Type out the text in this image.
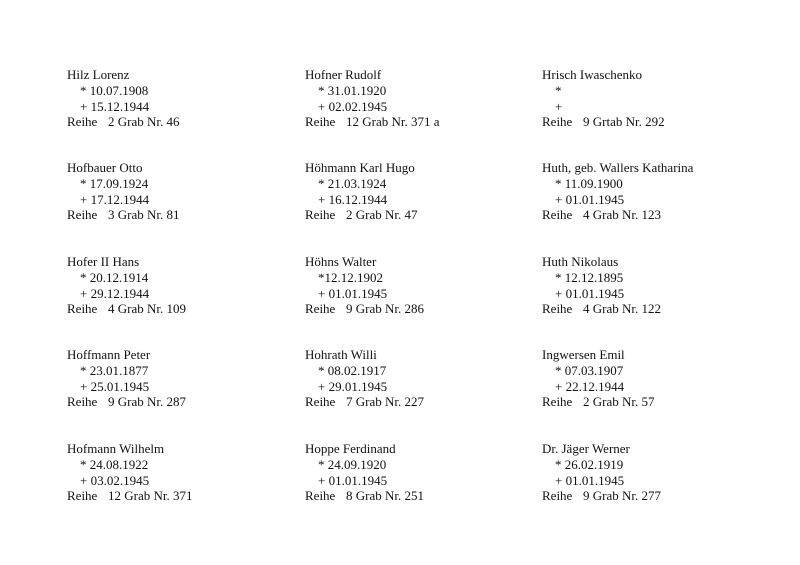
Hilz Lorenz
* 10.07.1908
+ 15.12.1944
Reihe 2 Grab Nr. 46
Hofner Rudolf
* 31.01.1920
+ 02.02.1945
Reihe 12 Grab Nr. 371 a
Hrisch Iwaschenko
*
+
Reihe 9 Grtab Nr. 292
Hofbauer Otto
* 17.09.1924
+ 17.12.1944
Reihe 3 Grab Nr. 81
Höhmann Karl Hugo
* 21.03.1924
+ 16.12.1944
Reihe 2 Grab Nr. 47
Huth, geb. Wallers Katharina
* 11.09.1900
+ 01.01.1945
Reihe 4 Grab Nr. 123
Hofer II Hans
* 20.12.1914
+ 29.12.1944
Reihe 4 Grab Nr. 109
Höhns Walter
*12.12.1902
+ 01.01.1945
Reihe 9 Grab Nr. 286
Huth Nikolaus
* 12.12.1895
+ 01.01.1945
Reihe 4 Grab Nr. 122
Hoffmann Peter
* 23.01.1877
+ 25.01.1945
Reihe 9 Grab Nr. 287
Hohrath Willi
* 08.02.1917
+ 29.01.1945
Reihe 7 Grab Nr. 227
Ingwersen Emil
* 07.03.1907
+ 22.12.1944
Reihe 2 Grab Nr. 57
Hofmann Wilhelm
* 24.08.1922
+ 03.02.1945
Reihe 12 Grab Nr. 371
Hoppe Ferdinand
* 24.09.1920
+ 01.01.1945
Reihe 8 Grab Nr. 251
Dr. Jäger Werner
* 26.02.1919
+ 01.01.1945
Reihe 9 Grab Nr. 277
